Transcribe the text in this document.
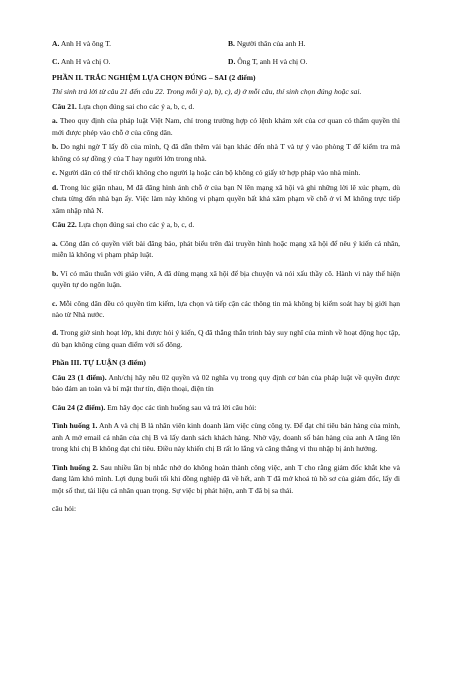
A. Anh H và ông T.	B. Người thân của anh H.
C. Anh H và chị O.	D. Ông T, anh H và chị O.

PHẦN II. TRẮC NGHIỆM LỰA CHỌN ĐÚNG – SAI (2 điểm)

Thí sinh trả lời từ câu 21 đến câu 22. Trong mỗi ý a), b), c), d) ở mỗi câu, thí sinh chọn đúng hoặc sai.

Câu 21. Lựa chọn đúng sai cho các ý a, b, c, d.

a. Theo quy định của pháp luật Việt Nam, chỉ trong trường hợp có lệnh khám xét của cơ quan có thẩm quyền thì mới được phép vào chỗ ở của công dân.

b. Do nghi ngờ T lấy đồ của mình, Q đã dẫn thêm vài bạn khác đến nhà T và tự ý vào phòng T để kiểm tra mà không có sự đồng ý của T hay người lớn trong nhà.

c. Người dân có thể từ chối không cho người lạ hoặc cán bộ không có giấy tờ hợp pháp vào nhà mình.

d. Trong lúc giận nhau, M đã đăng hình ảnh chỗ ở của bạn N lên mạng xã hội và ghi những lời lẽ xúc phạm, dù chưa từng đến nhà bạn ấy. Việc làm này không vi phạm quyền bất khả xâm phạm về chỗ ở vì M không trực tiếp xâm nhập nhà N.

Câu 22. Lựa chọn đúng sai cho các ý a, b, c, d.

a. Công dân có quyền viết bài đăng báo, phát biểu trên đài truyền hình hoặc mạng xã hội để nêu ý kiến cá nhân, miễn là không vi phạm pháp luật.

b. Vì có mâu thuẫn với giáo viên, A đã dùng mạng xã hội để bịa chuyện và nói xấu thầy cô. Hành vi này thể hiện quyền tự do ngôn luận.

c. Mỗi công dân đều có quyền tìm kiếm, lựa chọn và tiếp cận các thông tin mà không bị kiểm soát hay bị giới hạn nào từ Nhà nước.

d. Trong giờ sinh hoạt lớp, khi được hỏi ý kiến, Q đã thẳng thắn trình bày suy nghĩ của mình về hoạt động học tập, dù bạn không cùng quan điểm với số đông.

Phần III. TỰ LUẬN (3 điểm)

Câu 23 (1 điểm). Anh/chị hãy nêu 02 quyền và 02 nghĩa vụ trong quy định cơ bản của pháp luật về quyền được bảo đảm an toàn và bí mật thư tín, điện thoại, điện tín

Câu 24 (2 điểm). Em hãy đọc các tình huống sau và trả lời câu hỏi:

Tình huống 1. Anh A và chị B là nhân viên kinh doanh làm việc cùng công ty. Để đạt chỉ tiêu bán hàng của mình, anh A mở email cá nhân của chị B và lấy danh sách khách hàng. Nhờ vậy, doanh số bán hàng của anh A tăng lên trong khi chị B không đạt chỉ tiêu. Điều này khiến chị B rất lo lắng và căng thẳng vì thu nhập bị ảnh hưởng.

Tình huống 2. Sau nhiều lần bị nhắc nhở do không hoàn thành công việc, anh T cho rằng giám đốc khắt khe và đang làm khó mình. Lợi dụng buổi tối khi đồng nghiệp đã về hết, anh T đã mở khoá tủ hồ sơ của giám đốc, lấy đi một số thư, tài liệu cá nhân quan trọng. Sự việc bị phát hiện, anh T đã bị sa thải.

câu hỏi:
